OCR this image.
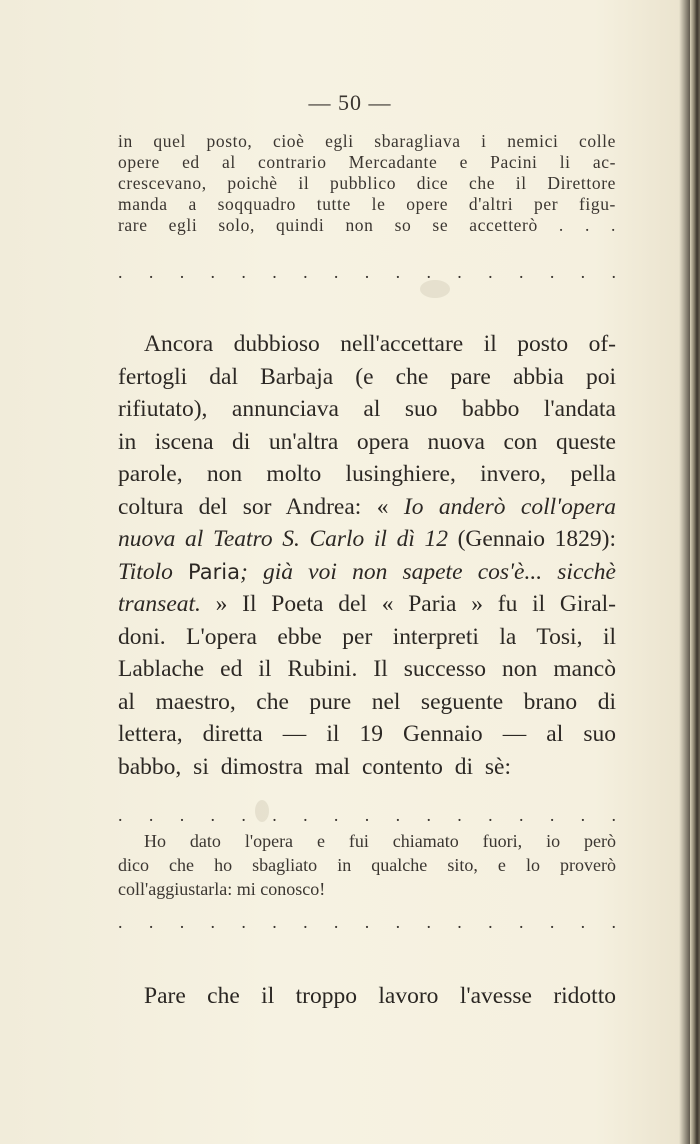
— 50 —
in quel posto, cioè egli sbaragliava i nemici colle
opere ed al contrario Mercadante e Pacini li ac-
crescevano, poichè il pubblico dice che il Direttore
manda a soqquadro tutte le opere d'altri per figu-
rare egli solo, quindi non so se accetterò . . .
. . . . . . . . . . . . . . . . .
Ancora dubbioso nell'accettare il posto of-
fertogli dal Barbaja (e che pare abbia poi
rifiutato), annunciava al suo babbo l'andata
in iscena di un'altra opera nuova con queste
parole, non molto lusinghiere, invero, pella
coltura del sor Andrea: « Io anderò coll'opera
nuova al Teatro S. Carlo il dì 12 (Gennaio 1829):
Titolo Paria; già voi non sapete cos'è... sicchè
transeat. » Il Poeta del « Paria » fu il Giral-
doni. L'opera ebbe per interpreti la Tosi, il
Lablache ed il Rubini. Il successo non mancò
al maestro, che pure nel seguente brano di
lettera, diretta — il 19 Gennaio — al suo
babbo, si dimostra mal contento di sè:
. . . . . . . . . . . . . . . . .
Ho dato l'opera e fui chiamato fuori, io però
dico che ho sbagliato in qualche sito, e lo proverò
coll'aggiustarla: mi conosco!
. . . . . . . . . . . . . . . . .
Pare che il troppo lavoro l'avesse ridotto
